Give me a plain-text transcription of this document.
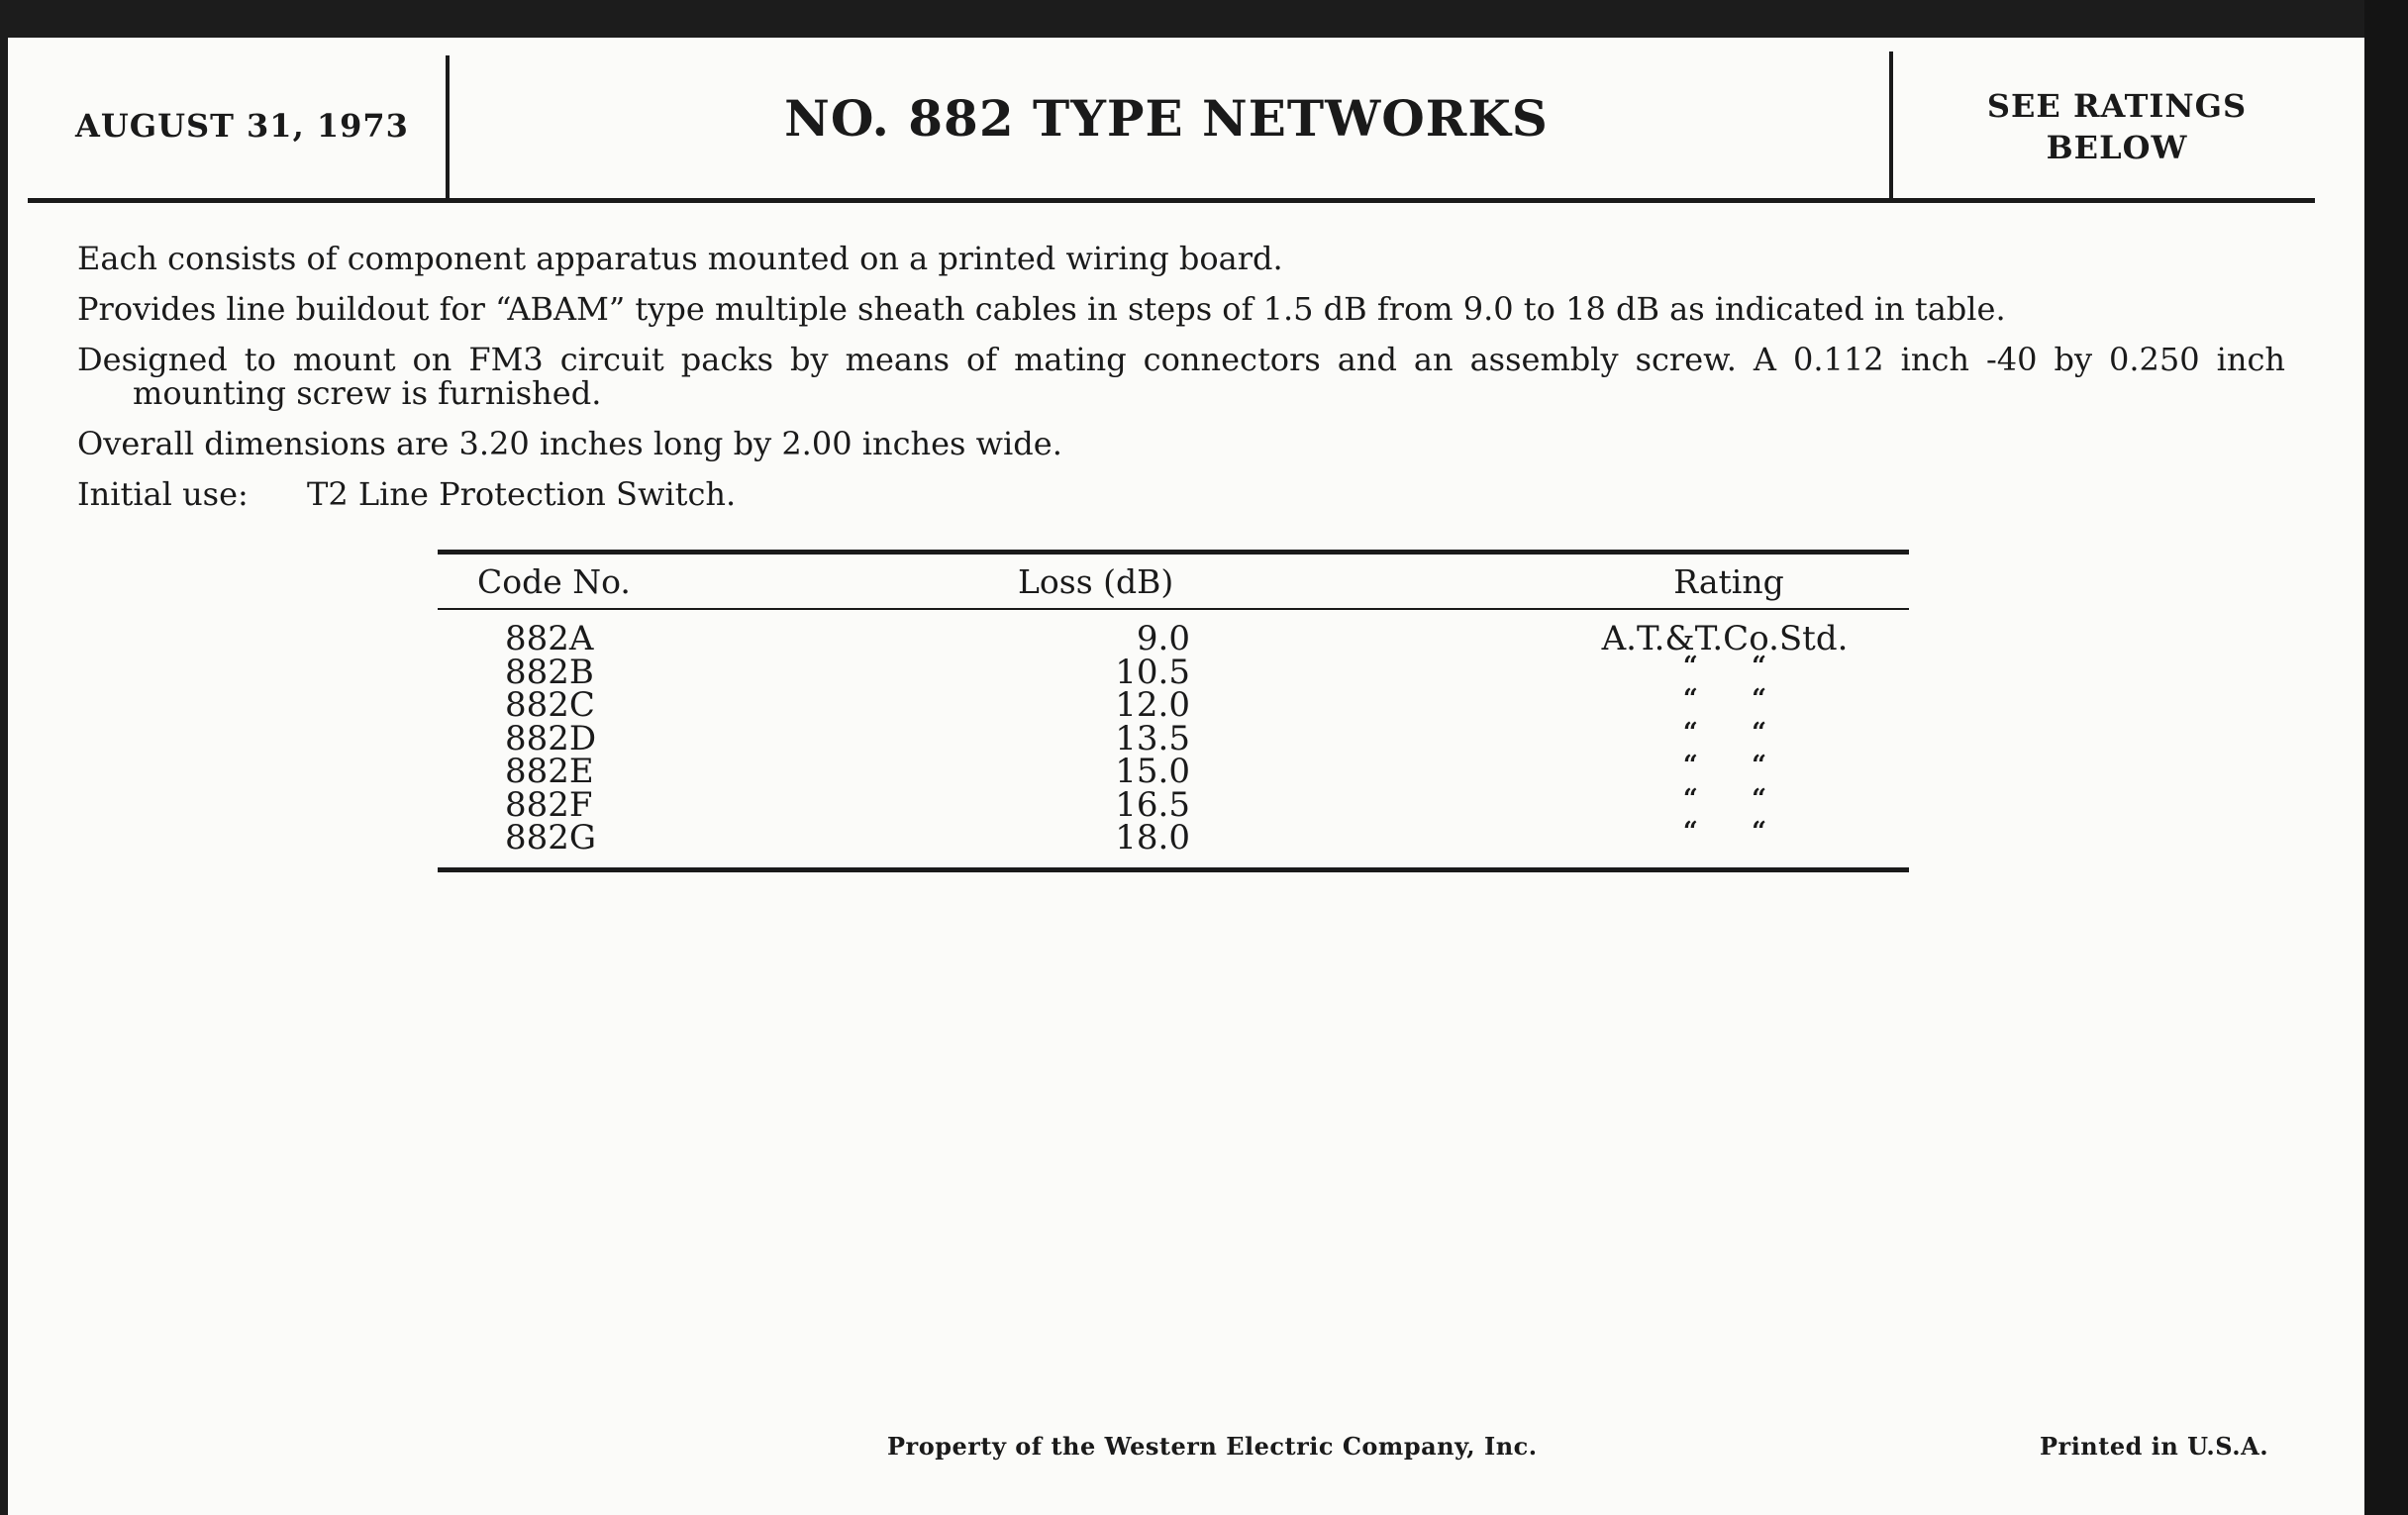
AUGUST 31, 1973	NO. 882 TYPE NETWORKS	SEE RATINGS
BELOW

Each consists of component apparatus mounted on a printed wiring board.

Provides line buildout for “ABAM” type multiple sheath cables in steps of 1.5 dB from 9.0 to 18 dB as indicated in table.

Designed to mount on FM3 circuit packs by means of mating connectors and an assembly screw. A 0.112 inch -40 by 0.250 inch mounting screw is furnished.

Overall dimensions are 3.20 inches long by 2.00 inches wide.

Initial use: T2 Line Protection Switch.

Code No.	Loss (dB)	Rating
882A	9.0	A.T.&T.Co.Std.
882B	10.5	“      “
882C	12.0	“      “
882D	13.5	“      “
882E	15.0	“      “
882F	16.5	“      “
882G	18.0	“      “
Property of the Western Electric Company, Inc.	Printed in U.S.A.
